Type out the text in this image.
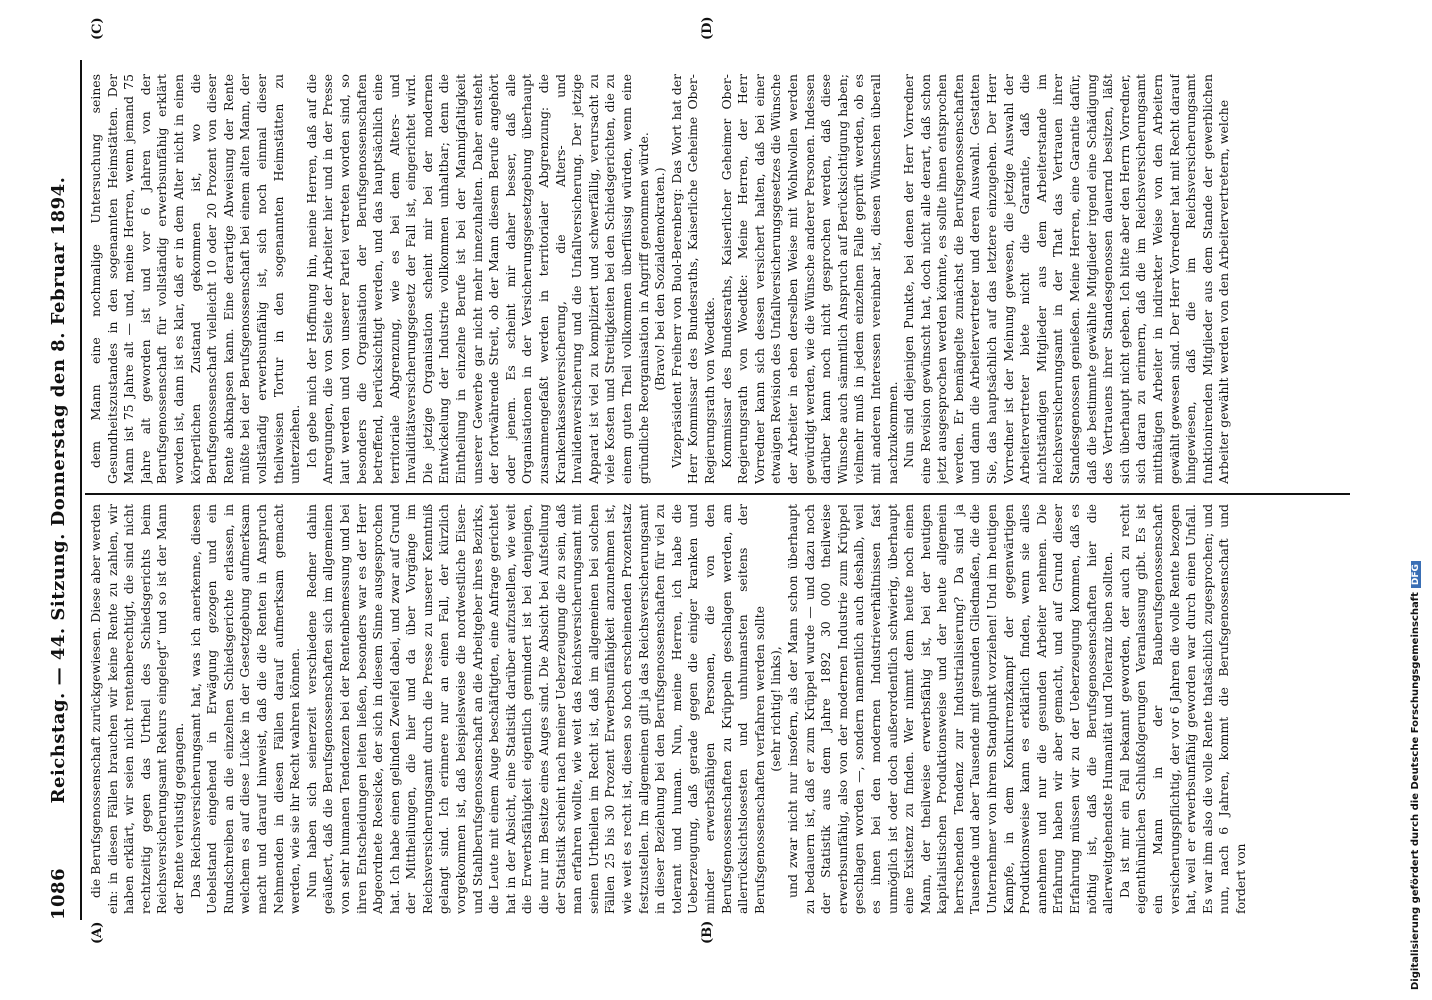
1086
Reichstag. — 44. Sitzung. Donnerstag den 8. Februar 1894.
(A)	(B)
(C)	(D)

die Berufsgenossenschaft zurückgewiesen. Diese aber werden ein: in diesen Fällen brauchen wir keine Rente zu zahlen, wir haben erklärt, wir seien nicht rentenberechtigt, die sind nicht rechtzeitig gegen das Urtheil des Schiedsgerichts beim Reichsversicherungsamt Rekurs eingelegt“ und so ist der Mann der Rente verlustig gegangen. Das Reichsversicherungsamt hat, was ich anerkenne, diesen Uebelstand eingehend in Erwägung gezogen und ein Rundschreiben an die einzelnen Schiedsgerichte erlassen, in welchem es auf diese Lücke in der Gesetzgebung aufmerksam macht und darauf hinweist, daß die die Renten in Anspruch Nehmenden in diesen Fällen darauf aufmerksam gemacht werden, wie sie ihr Recht wahren können. Nun haben sich seinerzeit verschiedene Redner dahin geäußert, daß die Berufsgenossenschaften sich im allgemeinen von sehr humanen Tendenzen bei der Rentenbemessung und bei ihren Entscheidungen leiten ließen, besonders war es der Herr Abgeordnete Roesicke, der sich in diesem Sinne ausgesprochen hat. Ich habe einen gelinden Zweifel dabei, und zwar auf Grund der Mittheilungen, die hier und da über Vorgänge im Reichsversicherungsamt durch die Presse zu unserer Kenntniß gelangt sind. Ich erinnere nur an einen Fall, der kürzlich vorgekommen ist, daß beispielsweise die nordwestliche Eisen- und Stahlberufsgenossenschaft an die Arbeitgeber ihres Bezirks, die Leute mit einem Auge beschäftigten, eine Anfrage gerichtet hat in der Absicht, eine Statistik darüber aufzustellen, wie weit die Erwerbsfähigkeit eigentlich gemindert ist bei denjenigen, die nur im Besitze eines Auges sind. Die Absicht bei Aufstellung der Statistik scheint nach meiner Ueberzeugung die zu sein, daß man erfahren wollte, wie weit das Reichsversicherungsamt mit seinen Urtheilen im Recht ist, daß im allgemeinen bei solchen Fällen 25 bis 30 Prozent Erwerbsunfähigkeit anzunehmen ist, wie weit es recht ist, diesen so hoch erscheinenden Prozentsatz festzustellen. Im allgemeinen gilt ja das Reichsversicherungsamt in dieser Beziehung bei den Berufsgenossenschaften für viel zu tolerant und human. Nun, meine Herren, ich habe die Ueberzeugung, daß gerade gegen die einiger kranken und minder erwerbsfähigen Personen, die von den Berufsgenossenschaften zu Krüppeln geschlagen werden, am allerrücksichtslosesten und unhumansten seitens der Berufsgenossenschaften verfahren werden sollte (sehr richtig! links), und zwar nicht nur insofern, als der Mann schon überhaupt zu bedauern ist, daß er zum Krüppel wurde — und dazu noch der Statistik aus dem Jahre 1892 30 000 theilweise erwerbsunfähig, also von der modernen Industrie zum Krüppel geschlagen worden —, sondern namentlich auch deshalb, weil es ihnen bei den modernen Industrieverhältnissen fast unmöglich ist oder doch außerordentlich schwierig, überhaupt eine Existenz zu finden. Wer nimmt denn heute noch einen Mann, der theilweise erwerbsfähig ist, bei der heutigen kapitalistischen Produktionsweise und der heute allgemein herrschenden Tendenz zur Industrialisierung? Da sind ja Tausende und aber Tausende mit gesunden Gliedmaßen, die die Unternehmer von ihrem Standpunkt vorziehen! Und im heutigen Kampfe, in dem Konkurrenzkampf der gegenwärtigen Produktionsweise kann es erklärlich finden, wenn sie alles annehmen und nur die gesunden Arbeiter nehmen. Die Erfahrung haben wir aber gemacht, und auf Grund dieser Erfahrung müssen wir zu der Ueberzeugung kommen, daß es nöthig ist, daß die Berufsgenossenschaften hier die allerweitgehendste Humanität und Toleranz üben sollten. Da ist mir ein Fall bekannt geworden, der auch zu recht eigenthümlichen Schlußfolgerungen Veranlassung gibt. Es ist ein Mann in der Bauberufsgenossenschaft versicherungspflichtig, der vor 6 Jahren die volle Rente bezogen hat, weil er erwerbsunfähig geworden war durch einen Unfall. Es war ihm also die volle Rente thatsächlich zugesprochen; und nun, nach 6 Jahren, kommt die Berufsgenossenschaft und fordert von

dem Mann eine nochmalige Untersuchung seines Gesundheitszustandes in den sogenannten Heimstätten. Der Mann ist 75 Jahre alt — und, meine Herren, wenn jemand 75 Jahre alt geworden ist und vor 6 Jahren von der Berufsgenossenschaft für vollständig erwerbsunfähig erklärt worden ist, dann ist es klar, daß er in dem Alter nicht in einen körperlichen Zustand gekommen ist, wo die Berufsgenossenschaft vielleicht 10 oder 20 Prozent von dieser Rente abknapsen kann. Eine derartige Abweisung der Rente müßte bei der Berufsgenossenschaft bei einem alten Mann, der vollständig erwerbsunfähig ist, sich noch einmal dieser theilweisen Tortur in den sogenannten Heimstätten zu unterziehen. Ich gebe mich der Hoffnung hin, meine Herren, daß auf die Anregungen, die von Seite der Arbeiter hier und in der Presse laut werden und von unserer Partei vertreten worden sind, so besonders die Organisation der Berufsgenossenschaften betreffend, berücksichtigt werden, und das hauptsächlich eine territoriale Abgrenzung, wie es bei dem Alters- und Invaliditätsversicherungsgesetz der Fall ist, eingerichtet wird. Die jetzige Organisation scheint mir bei der modernen Entwickelung der Industrie vollkommen unhaltbar; denn die Eintheilung in einzelne Berufe ist bei der Mannigfaltigkeit unserer Gewerbe gar nicht mehr innezuhalten. Daher entsteht der fortwährende Streit, ob der Mann diesem Berufe angehört oder jenem. Es scheint mir daher besser, daß alle Organisationen in der Versicherungsgesetzgebung überhaupt zusammengefaßt werden in territorialer Abgrenzung: die Krankenkassenversicherung, die Alters- und Invalidenversicherung und die Unfallversicherung. Der jetzige Apparat ist viel zu kompliziert und schwerfällig, verursacht zu viele Kosten und Streitigkeiten bei den Schiedsgerichten, die zu einem guten Theil vollkommen überflüssig würden, wenn eine gründliche Reorganisation in Angriff genommen würde. (Bravo! bei den Sozialdemokraten.) Vizepräsident Freiherr von Buol-Berenberg: Das Wort hat der Herr Kommissar des Bundesraths, Kaiserliche Geheime Ober-Regierungsrath von Woedtke. Kommissar des Bundesraths, Kaiserlicher Geheimer Ober-Regierungsrath von Woedtke: Meine Herren, der Herr Vorredner kann sich dessen versichert halten, daß bei einer etwaigen Revision des Unfallversicherungsgesetzes die Wünsche der Arbeiter in eben derselben Weise mit Wohlwollen werden gewürdigt werden, wie die Wünsche anderer Personen. Indessen darüber kann noch nicht gesprochen werden, daß diese Wünsche auch sämmtlich Anspruch auf Berücksichtigung haben; vielmehr muß in jedem einzelnen Falle geprüft werden, ob es mit anderen Interessen vereinbar ist, diesen Wünschen überall nachzukommen. Nun sind diejenigen Punkte, bei denen der Herr Vorredner eine Revision gewünscht hat, doch nicht alle derart, daß schon jetzt ausgesprochen werden könnte, es sollte ihnen entsprochen werden. Er bemängelte zunächst die Berufsgenossenschaften und dann die Arbeitervertreter und deren Auswahl. Gestatten Sie, das hauptsächlich auf das letztere einzugehen. Der Herr Vorredner ist der Meinung gewesen, die jetzige Auswahl der Arbeitervertreter biete nicht die Garantie, daß die nichtständigen Mitglieder aus dem Arbeiterstande im Reichsversicherungsamt in der That das Vertrauen ihrer Standesgenossen genießen. Meine Herren, eine Garantie dafür, daß die bestimmte gewählte Mitglieder irgend eine Schädigung des Vertrauens ihrer Standesgenossen dauernd besitzen, läßt sich überhaupt nicht geben. Ich bitte aber den Herrn Vorredner, sich daran zu erinnern, daß die im Reichsversicherungsamt mitthätigen Arbeiter in indirekter Weise von den Arbeitern gewählt gewesen sind. Der Herr Vorredner hat mit Recht darauf hingewiesen, daß die im Reichsversicherungsamt funktionirenden Mitglieder aus dem Stande der gewerblichen Arbeiter gewählt werden von den Arbeitervertretern, welche

Digitalisierung gefördert durch die Deutsche ForschungsgemeinschaftDFG
